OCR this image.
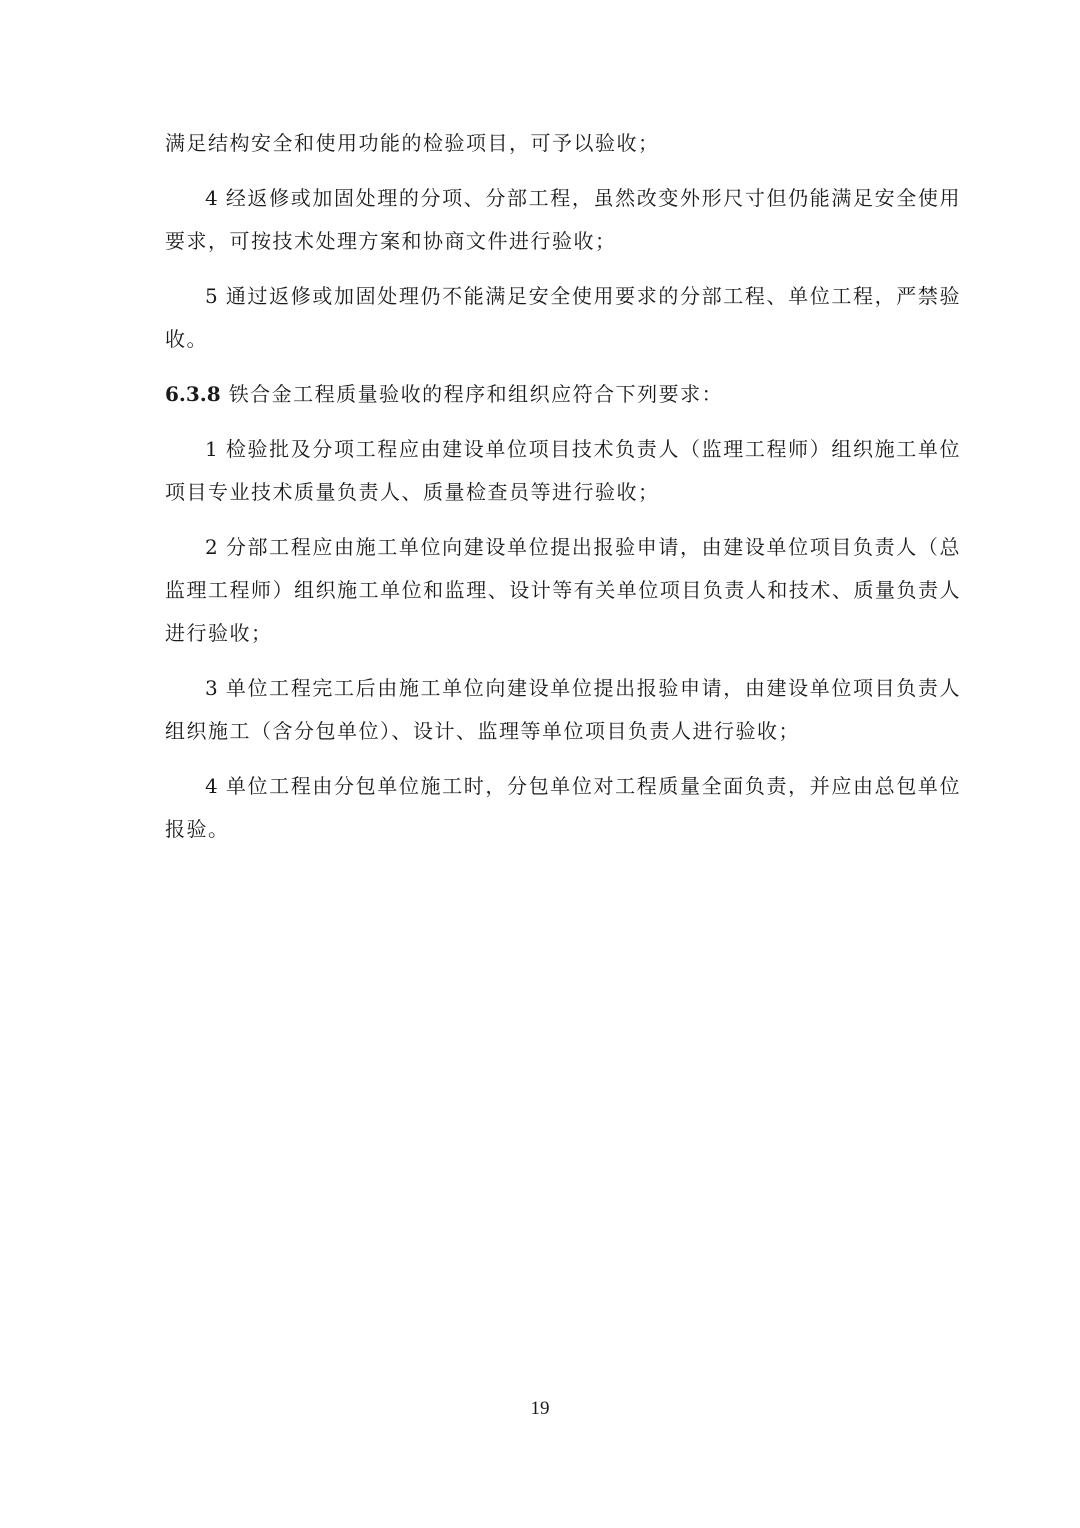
满足结构安全和使用功能的检验项目，可予以验收；

4 经返修或加固处理的分项、分部工程，虽然改变外形尺寸但仍能满足安全使用要求，可按技术处理方案和协商文件进行验收；

5 通过返修或加固处理仍不能满足安全使用要求的分部工程、单位工程，严禁验收。

6.3.8 铁合金工程质量验收的程序和组织应符合下列要求：

1 检验批及分项工程应由建设单位项目技术负责人（监理工程师）组织施工单位项目专业技术质量负责人、质量检查员等进行验收；

2 分部工程应由施工单位向建设单位提出报验申请，由建设单位项目负责人（总监理工程师）组织施工单位和监理、设计等有关单位项目负责人和技术、质量负责人进行验收；

3 单位工程完工后由施工单位向建设单位提出报验申请，由建设单位项目负责人组织施工（含分包单位）、设计、监理等单位项目负责人进行验收；

4 单位工程由分包单位施工时，分包单位对工程质量全面负责，并应由总包单位报验。

19
